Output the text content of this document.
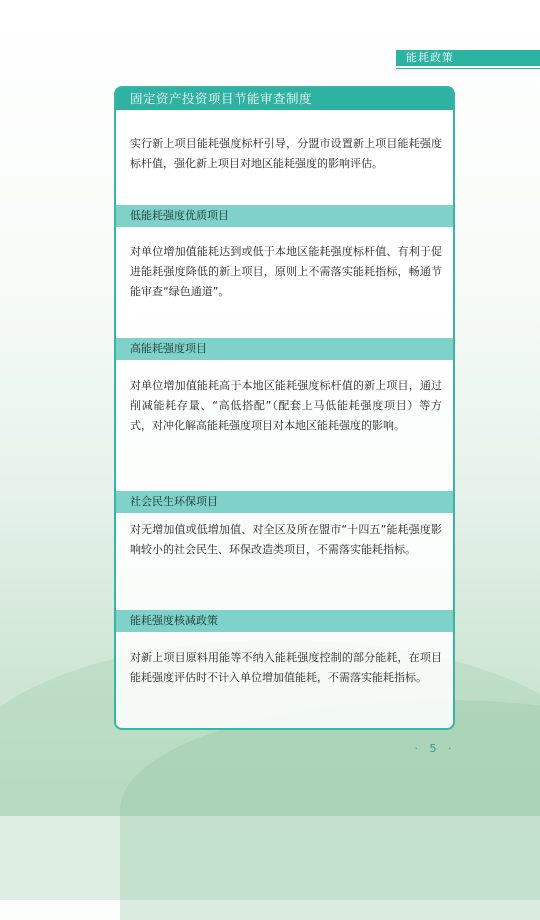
能耗政策
固定资产投资项目节能审查制度

实行新上项目能耗强度标杆引导，分盟市设置新上项目能耗强度标杆值，强化新上项目对地区能耗强度的影响评估。

低能耗强度优质项目

对单位增加值能耗达到或低于本地区能耗强度标杆值、有利于促进能耗强度降低的新上项目，原则上不需落实能耗指标，畅通节能审查“绿色通道”。

高能耗强度项目

对单位增加值能耗高于本地区能耗强度标杆值的新上项目，通过削减能耗存量、“高低搭配”（配套上马低能耗强度项目）等方式，对冲化解高能耗强度项目对本地区能耗强度的影响。

社会民生环保项目

对无增加值或低增加值、对全区及所在盟市“十四五”能耗强度影响较小的社会民生、环保改造类项目，不需落实能耗指标。

能耗强度核减政策

对新上项目原料用能等不纳入能耗强度控制的部分能耗，在项目能耗强度评估时不计入单位增加值能耗，不需落实能耗指标。

· 5 ·
